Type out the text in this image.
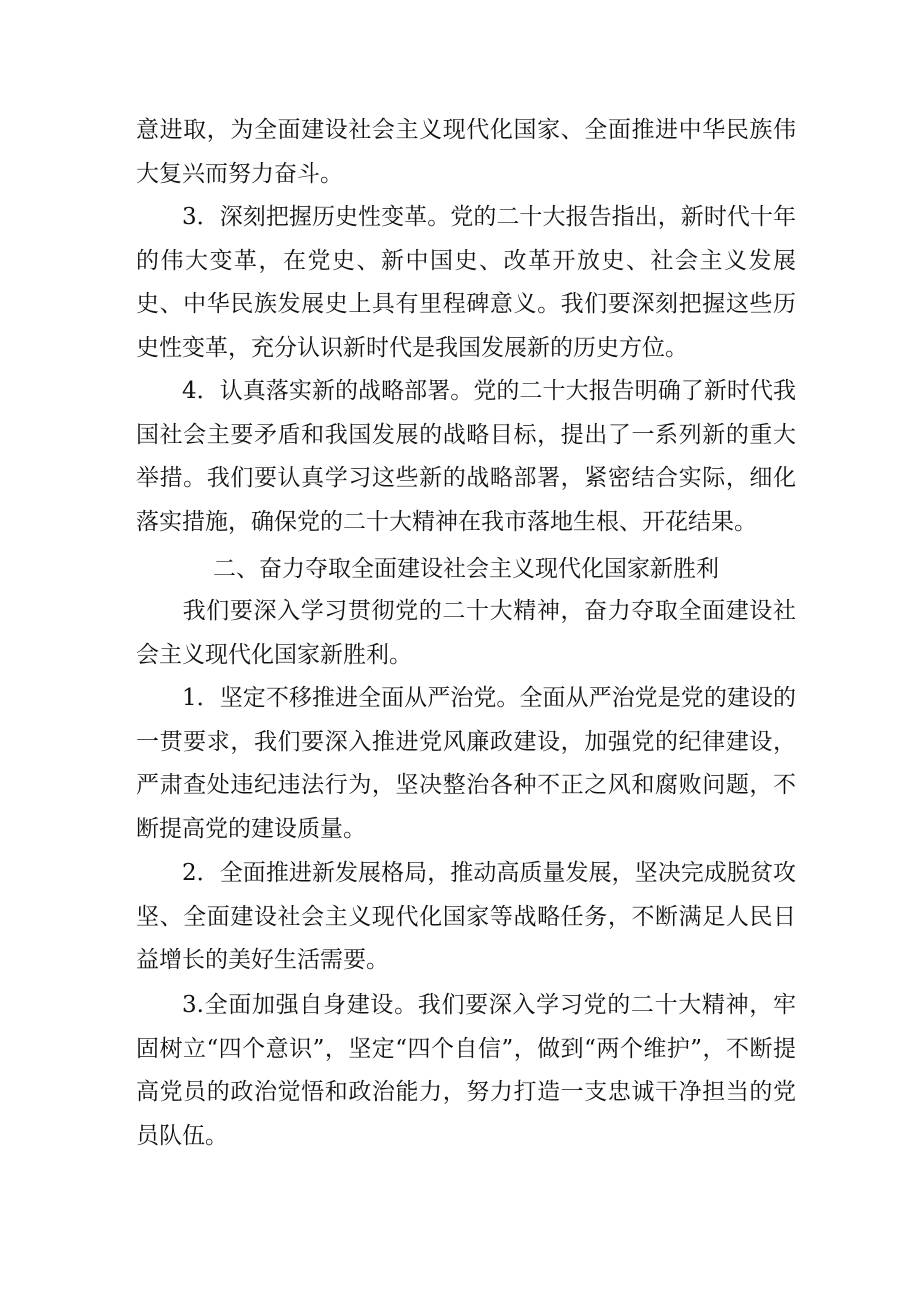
意进取，为全面建设社会主义现代化国家、全面推进中华民族伟大复兴而努力奋斗。

3．深刻把握历史性变革。党的二十大报告指出，新时代十年的伟大变革，在党史、新中国史、改革开放史、社会主义发展史、中华民族发展史上具有里程碑意义。我们要深刻把握这些历史性变革，充分认识新时代是我国发展新的历史方位。

4．认真落实新的战略部署。党的二十大报告明确了新时代我国社会主要矛盾和我国发展的战略目标，提出了一系列新的重大举措。我们要认真学习这些新的战略部署，紧密结合实际，细化落实措施，确保党的二十大精神在我市落地生根、开花结果。

二、奋力夺取全面建设社会主义现代化国家新胜利

我们要深入学习贯彻党的二十大精神，奋力夺取全面建设社会主义现代化国家新胜利。

1．坚定不移推进全面从严治党。全面从严治党是党的建设的一贯要求，我们要深入推进党风廉政建设，加强党的纪律建设，严肃查处违纪违法行为，坚决整治各种不正之风和腐败问题，不断提高党的建设质量。

2．全面推进新发展格局，推动高质量发展，坚决完成脱贫攻坚、全面建设社会主义现代化国家等战略任务，不断满足人民日益增长的美好生活需要。

3.全面加强自身建设。我们要深入学习党的二十大精神，牢固树立“四个意识”，坚定“四个自信”，做到“两个维护”，不断提高党员的政治觉悟和政治能力，努力打造一支忠诚干净担当的党员队伍。
